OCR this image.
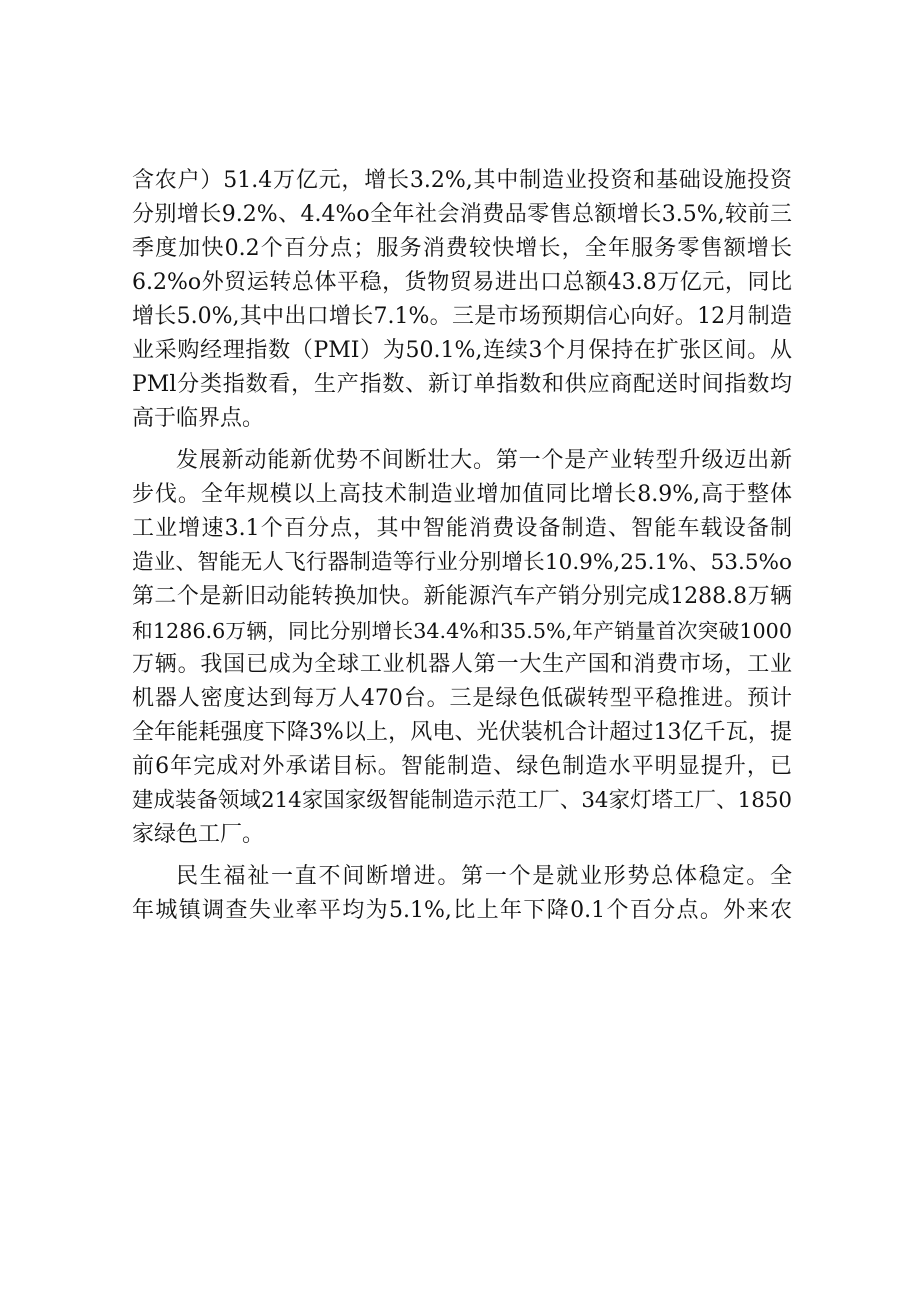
含农户）51.4万亿元，增长3.2%,其中制造业投资和基础设施投资
分别增长9.2%、4.4%o全年社会消费品零售总额增长3.5%,较前三
季度加快0.2个百分点；服务消费较快增长，全年服务零售额增长
6.2%o外贸运转总体平稳，货物贸易进出口总额43.8万亿元，同比
增长5.0%,其中出口增长7.1%。三是市场预期信心向好。12月制造
业采购经理指数（PMI）为50.1%,连续3个月保持在扩张区间。从
PMl分类指数看，生产指数、新订单指数和供应商配送时间指数均
高于临界点。

发展新动能新优势不间断壮大。第一个是产业转型升级迈出新
步伐。全年规模以上高技术制造业增加值同比增长8.9%,高于整体
工业增速3.1个百分点，其中智能消费设备制造、智能车载设备制
造业、智能无人飞行器制造等行业分别增长10.9%,25.1%、53.5%o
第二个是新旧动能转换加快。新能源汽车产销分别完成1288.8万辆
和1286.6万辆，同比分别增长34.4%和35.5%,年产销量首次突破1000
万辆。我国已成为全球工业机器人第一大生产国和消费市场，工业
机器人密度达到每万人470台。三是绿色低碳转型平稳推进。预计
全年能耗强度下降3%以上，风电、光伏装机合计超过13亿千瓦，提
前6年完成对外承诺目标。智能制造、绿色制造水平明显提升，已
建成装备领域214家国家级智能制造示范工厂、34家灯塔工厂、1850
家绿色工厂。

民生福祉一直不间断增进。第一个是就业形势总体稳定。全
年城镇调查失业率平均为5.1%,比上年下降0.1个百分点。外来农
